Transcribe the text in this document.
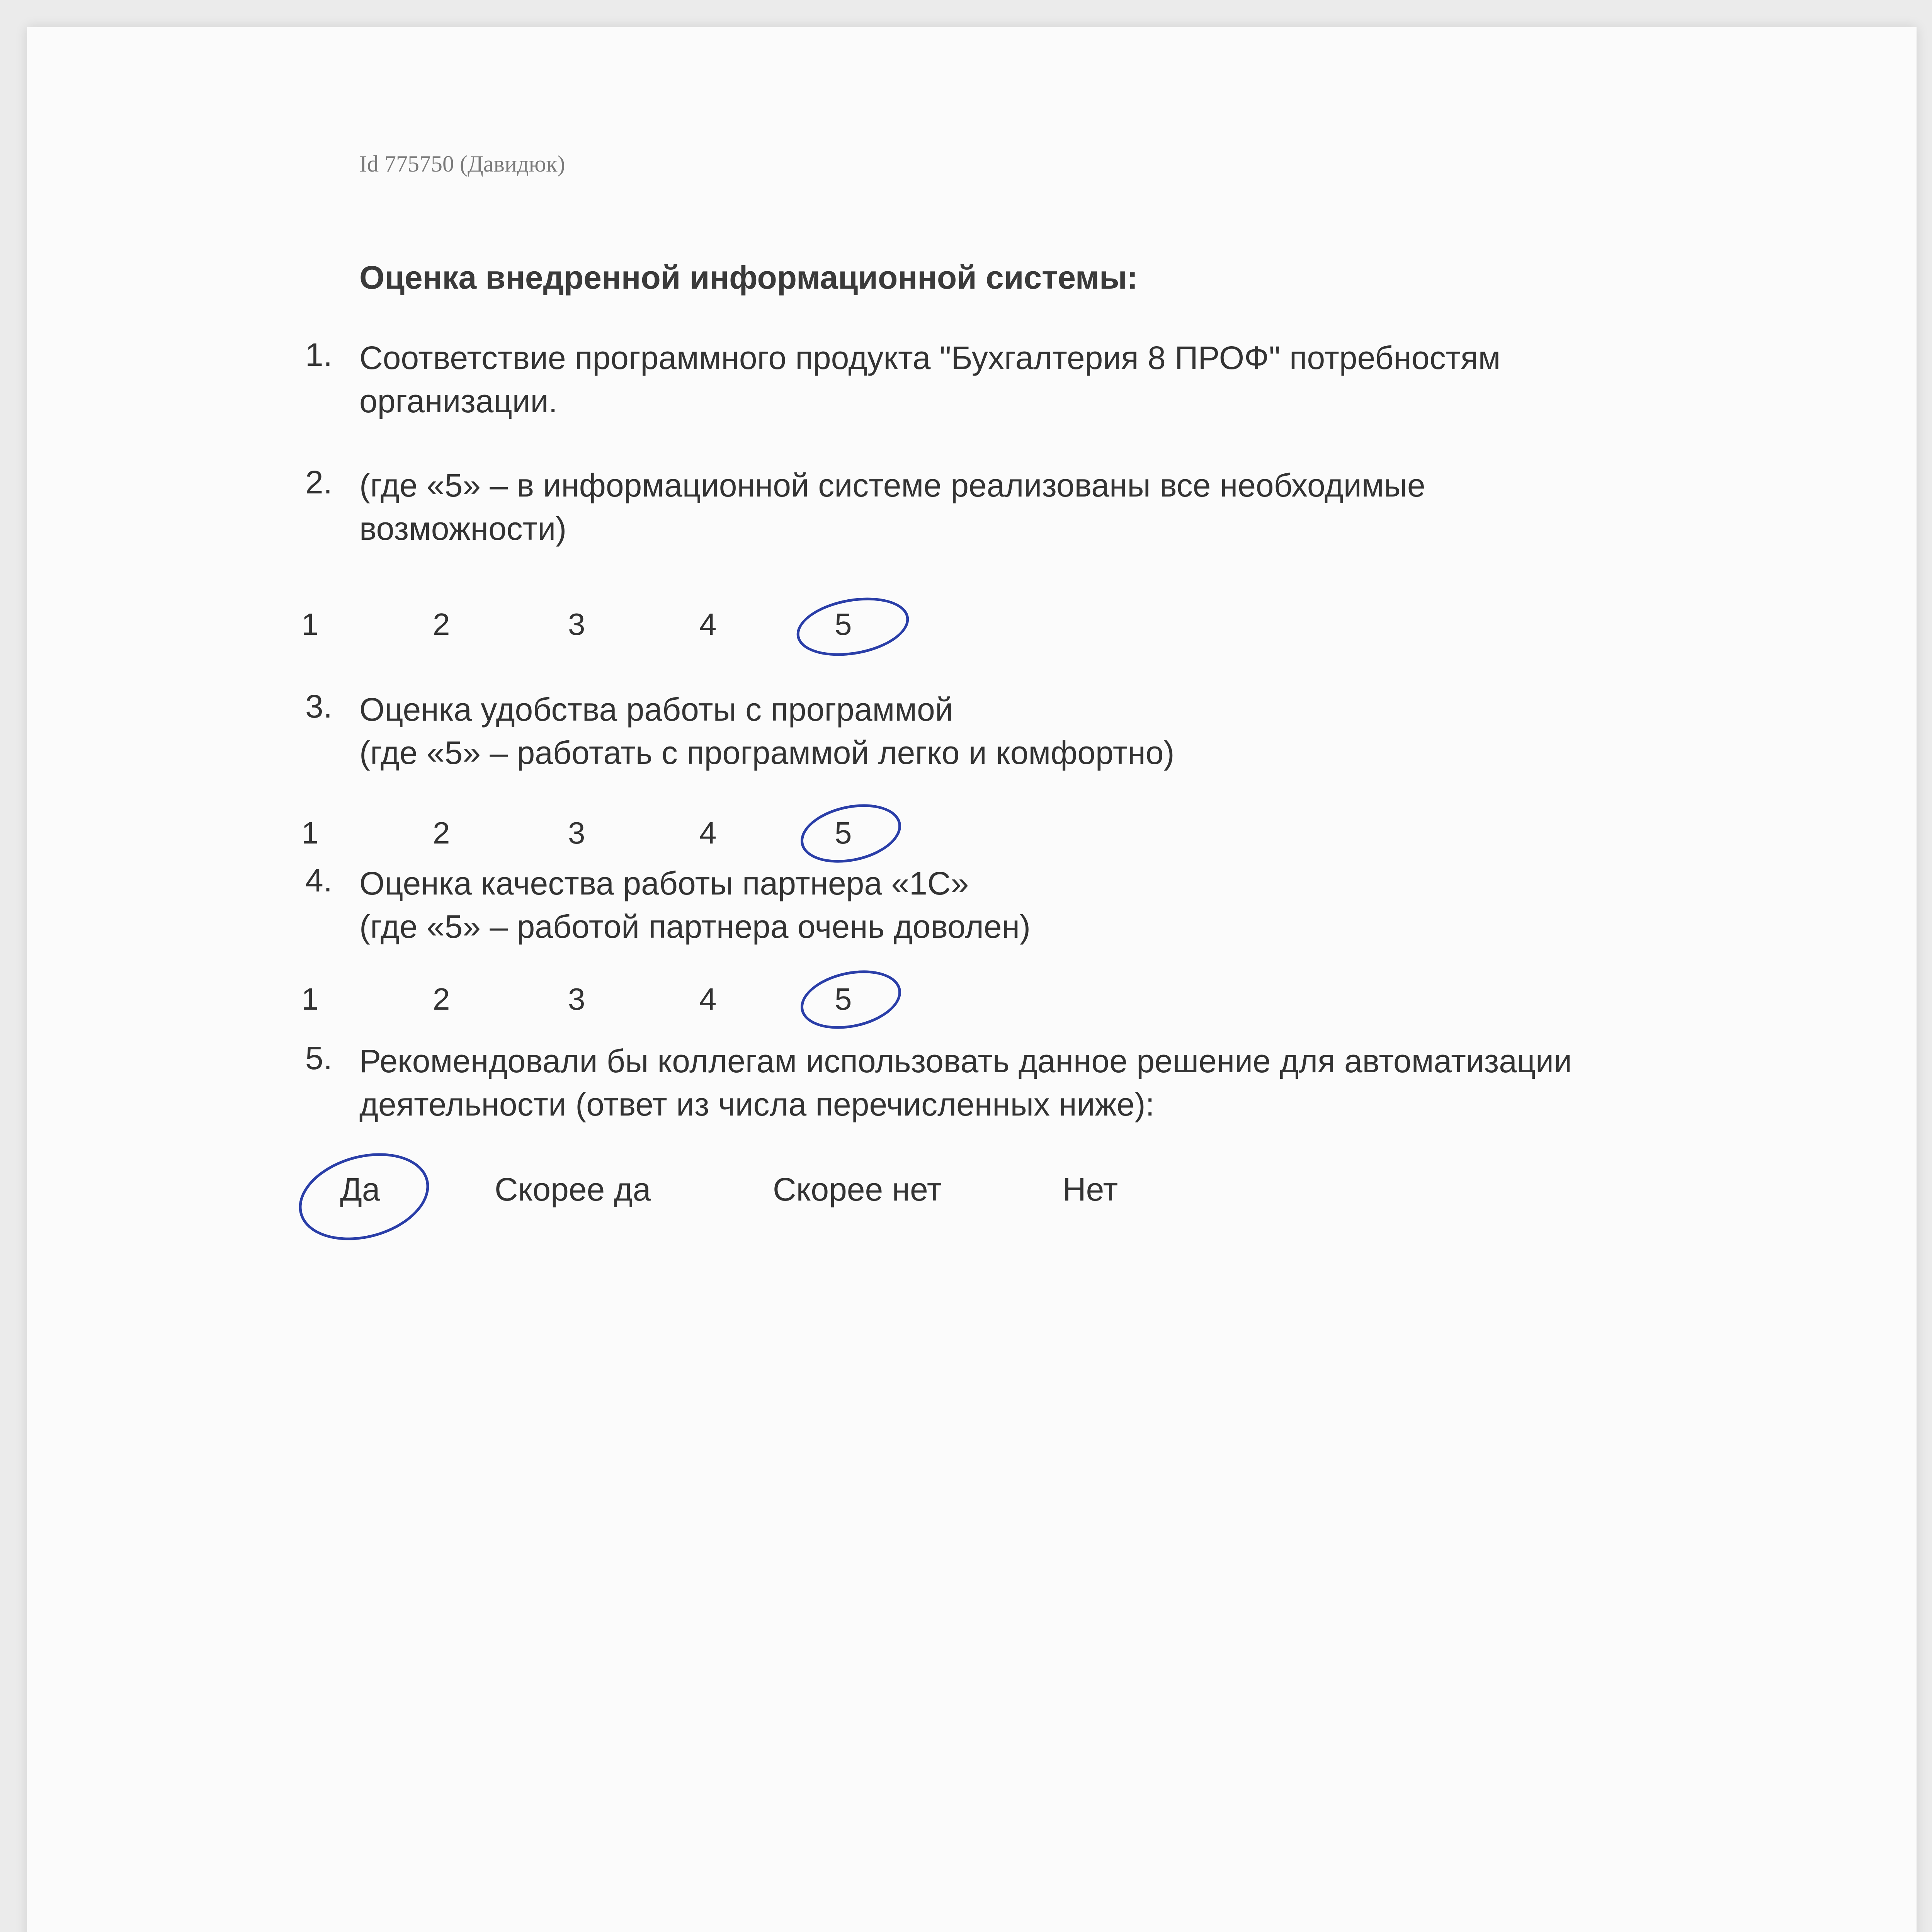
Id 775750 (Давидюк)
Оценка внедренной информационной системы:
1. Соответствие программного продукта "Бухгалтерия 8 ПРОФ" потребностям
организации.
2. (где «5» – в информационной системе реализованы все необходимые
возможности)
1	2	3	4	5
3. Оценка удобства работы с программой
(где «5» – работать с программой легко и комфортно)
1	2	3	4	5
4. Оценка качества работы партнера «1С»
(где «5» – работой партнера очень доволен)
1	2	3	4	5
5. Рекомендовали бы коллегам использовать данное решение для автоматизации
деятельности (ответ из числа перечисленных ниже):
Да	Скорее да	Скорее нет	Нет
